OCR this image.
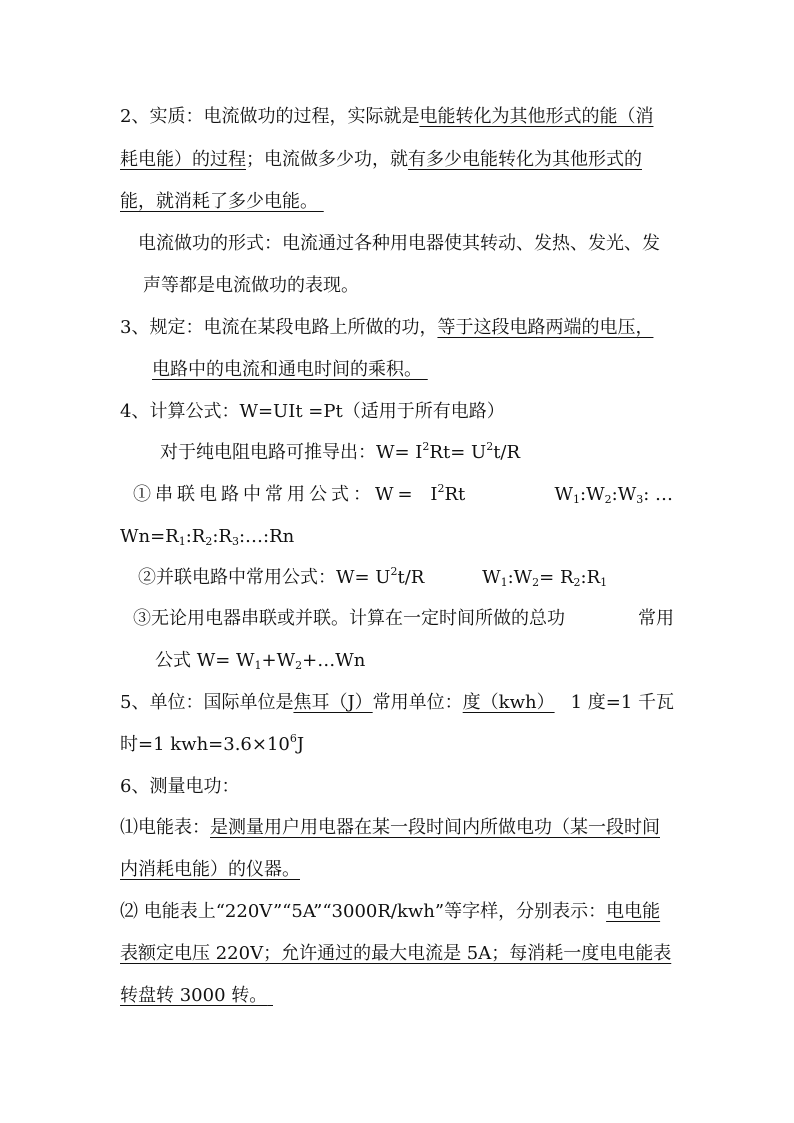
2、实质：电流做功的过程，实际就是电能转化为其他形式的能（消
耗电能）的过程；电流做多少功，就有多少电能转化为其他形式的
能，就消耗了多少电能。
电流做功的形式：电流通过各种用电器使其转动、发热、发光、发
声等都是电流做功的表现。
3、规定：电流在某段电路上所做的功，等于这段电路两端的电压，
电路中的电流和通电时间的乘积。
4、计算公式：W=UIt =Pt（适用于所有电路）
对于纯电阻电路可推导出：$W= I^2Rt= U^2t/R$
①串联电路中常用公式：$W= I^2Rt$	$W_1:W_2:W_3$: …
$Wn=R_1:R_2:R_3:\dots:Rn$
②并联电路中常用公式：$W= U^2t/R$	$W_1:W_2=$ $R_2:R_1$
③无论用电器串联或并联。计算在一定时间所做的总功	常用
公式 $W= W_1+W_2+\dots Wn$
5、单位：国际单位是焦耳（J）常用单位：度（kwh） 1 度=1 千瓦
时=1 $kwh=3.6\times 10^6J$
6、测量电功：
⑴电能表：是测量用户用电器在某一段时间内所做电功（某一段时间
内消耗电能）的仪器。
⑵ 电能表上“220V”“5A”“3000R/kwh”等字样，分别表示：电电能
表额定电压 220V；允许通过的最大电流是 5A；每消耗一度电电能表
转盘转 3000 转。
